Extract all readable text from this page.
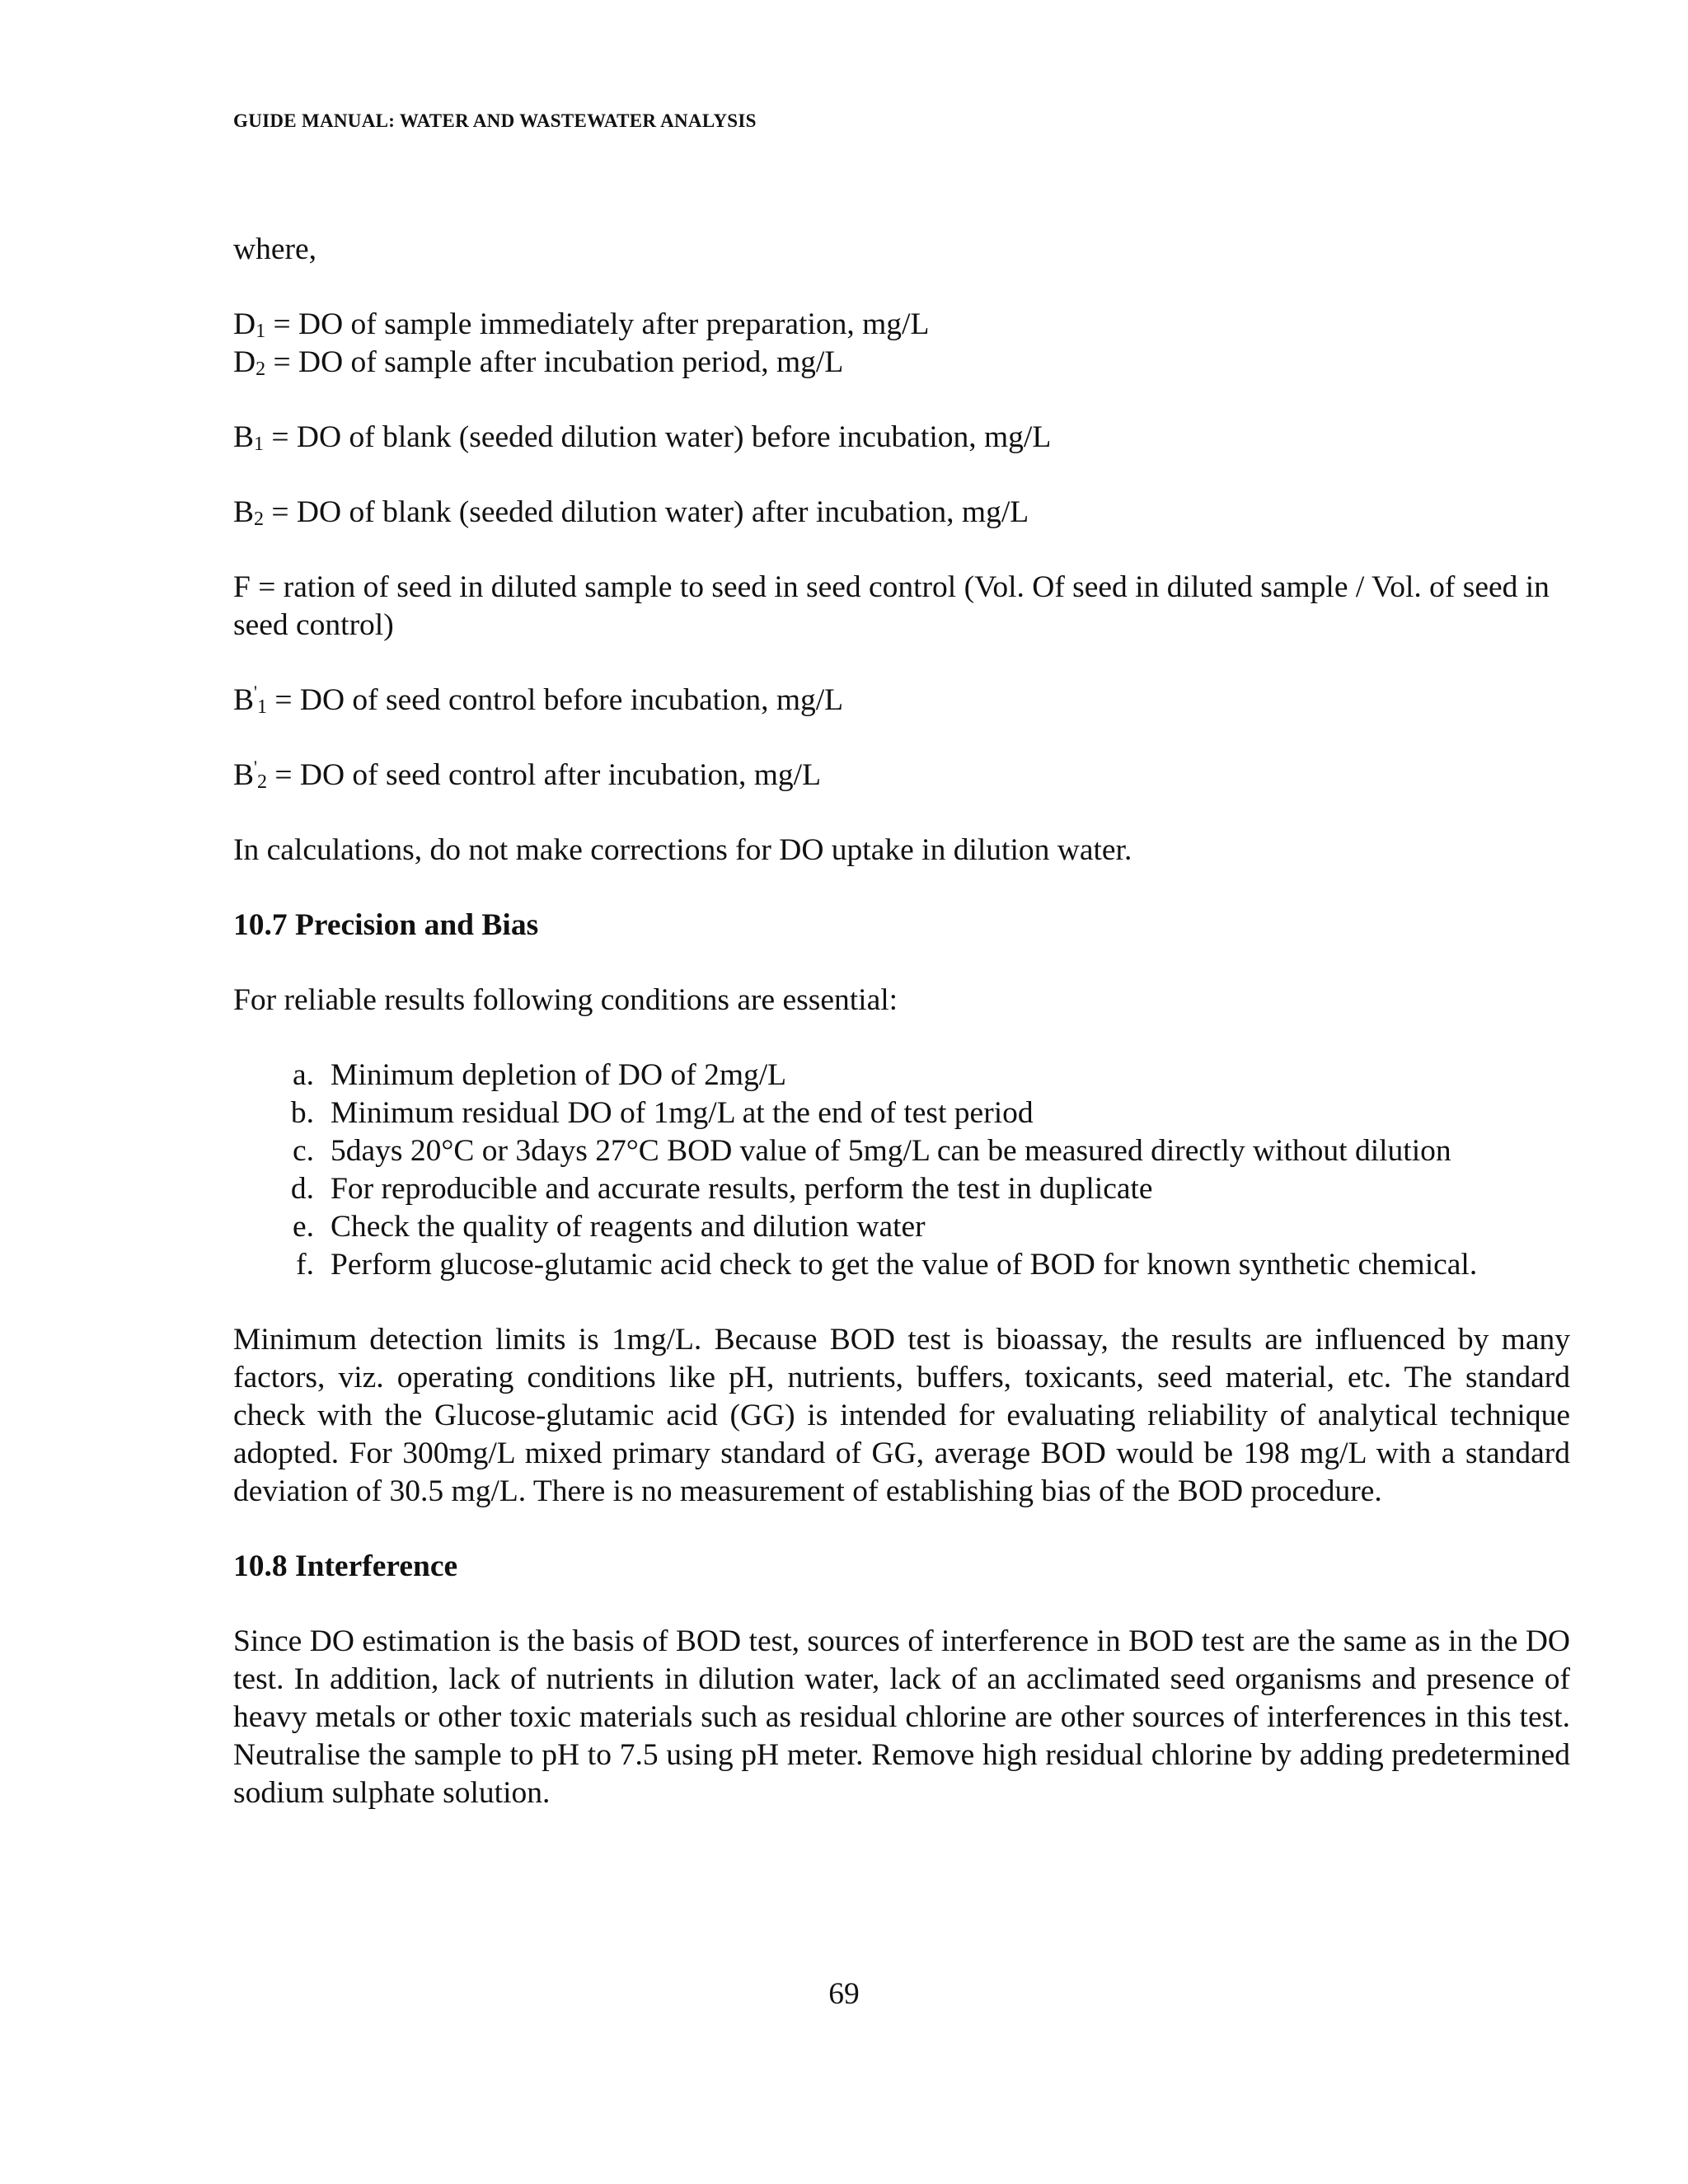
GUIDE MANUAL: WATER AND WASTEWATER ANALYSIS

where,

$D_1$ = DO of sample immediately after preparation, mg/L

$D_2$ = DO of sample after incubation period, mg/L

$B_1$ = DO of blank (seeded dilution water) before incubation, mg/L

$B_2$ = DO of blank (seeded dilution water) after incubation, mg/L

F = ration of seed in diluted sample to seed in seed control (Vol. Of seed in diluted sample / Vol. of seed in seed control)

$B'_1$ = DO of seed control before incubation, mg/L

$B'_2$ = DO of seed control after incubation, mg/L

In calculations, do not make corrections for DO uptake in dilution water.

10.7 Precision and Bias

For reliable results following conditions are essential:

a. Minimum depletion of DO of 2mg/L
b. Minimum residual DO of 1mg/L at the end of test period
c. 5days 20°C or 3days 27°C BOD value of 5mg/L can be measured directly without dilution
d. For reproducible and accurate results, perform the test in duplicate
e. Check the quality of reagents and dilution water
f. Perform glucose-glutamic acid check to get the value of BOD for known synthetic chemical.

Minimum detection limits is 1mg/L. Because BOD test is bioassay, the results are influenced by many factors, viz. operating conditions like pH, nutrients, buffers, toxicants, seed material, etc. The standard check with the Glucose-glutamic acid (GG) is intended for evaluating reliability of analytical technique adopted. For 300mg/L mixed primary standard of GG, average BOD would be 198 mg/L with a standard deviation of 30.5 mg/L. There is no measurement of establishing bias of the BOD procedure.

10.8 Interference

Since DO estimation is the basis of BOD test, sources of interference in BOD test are the same as in the DO test. In addition, lack of nutrients in dilution water, lack of an acclimated seed organisms and presence of heavy metals or other toxic materials such as residual chlorine are other sources of interferences in this test. Neutralise the sample to pH to 7.5 using pH meter. Remove high residual chlorine by adding predetermined sodium sulphate solution.

69
